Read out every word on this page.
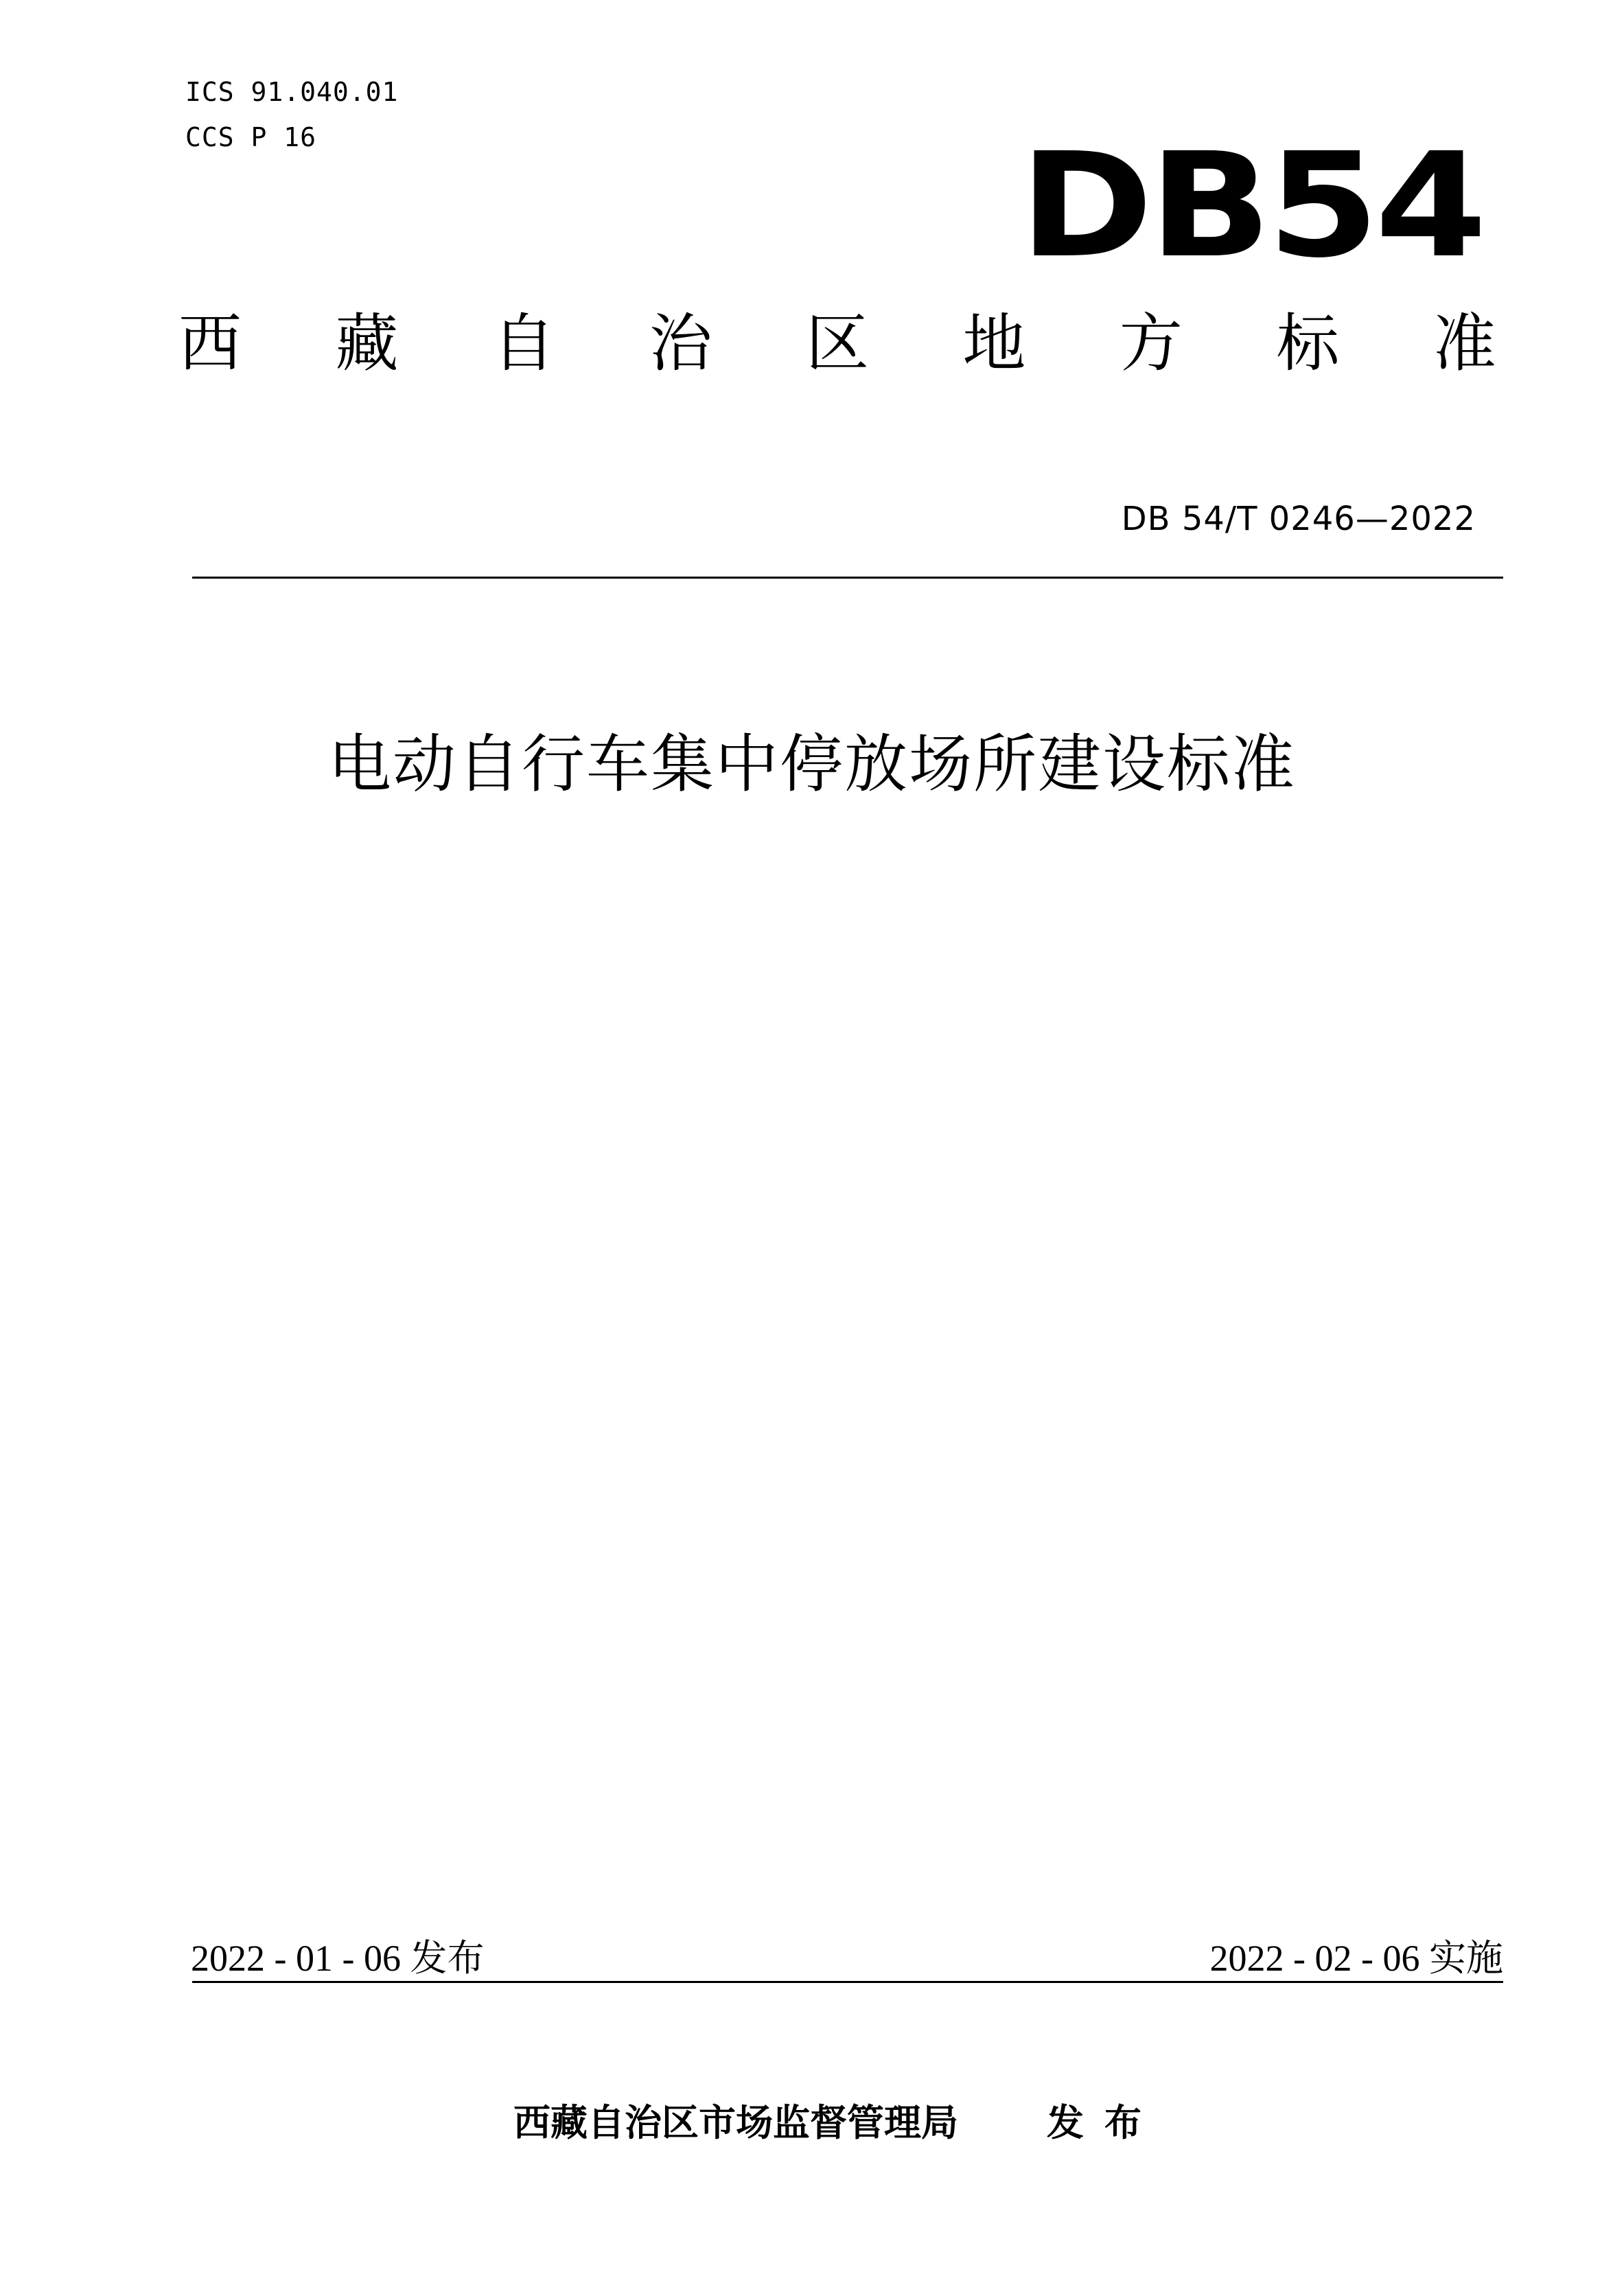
ICS 91.040.01
CCS P 16	DB54
西 藏 自 治 区 地 方 标 准
DB 54/T 0246—2022
电动自行车集中停放场所建设标准
2022 - 01 - 06 发布	2022 - 02 - 06 实施
西藏自治区市场监督管理局 发布
